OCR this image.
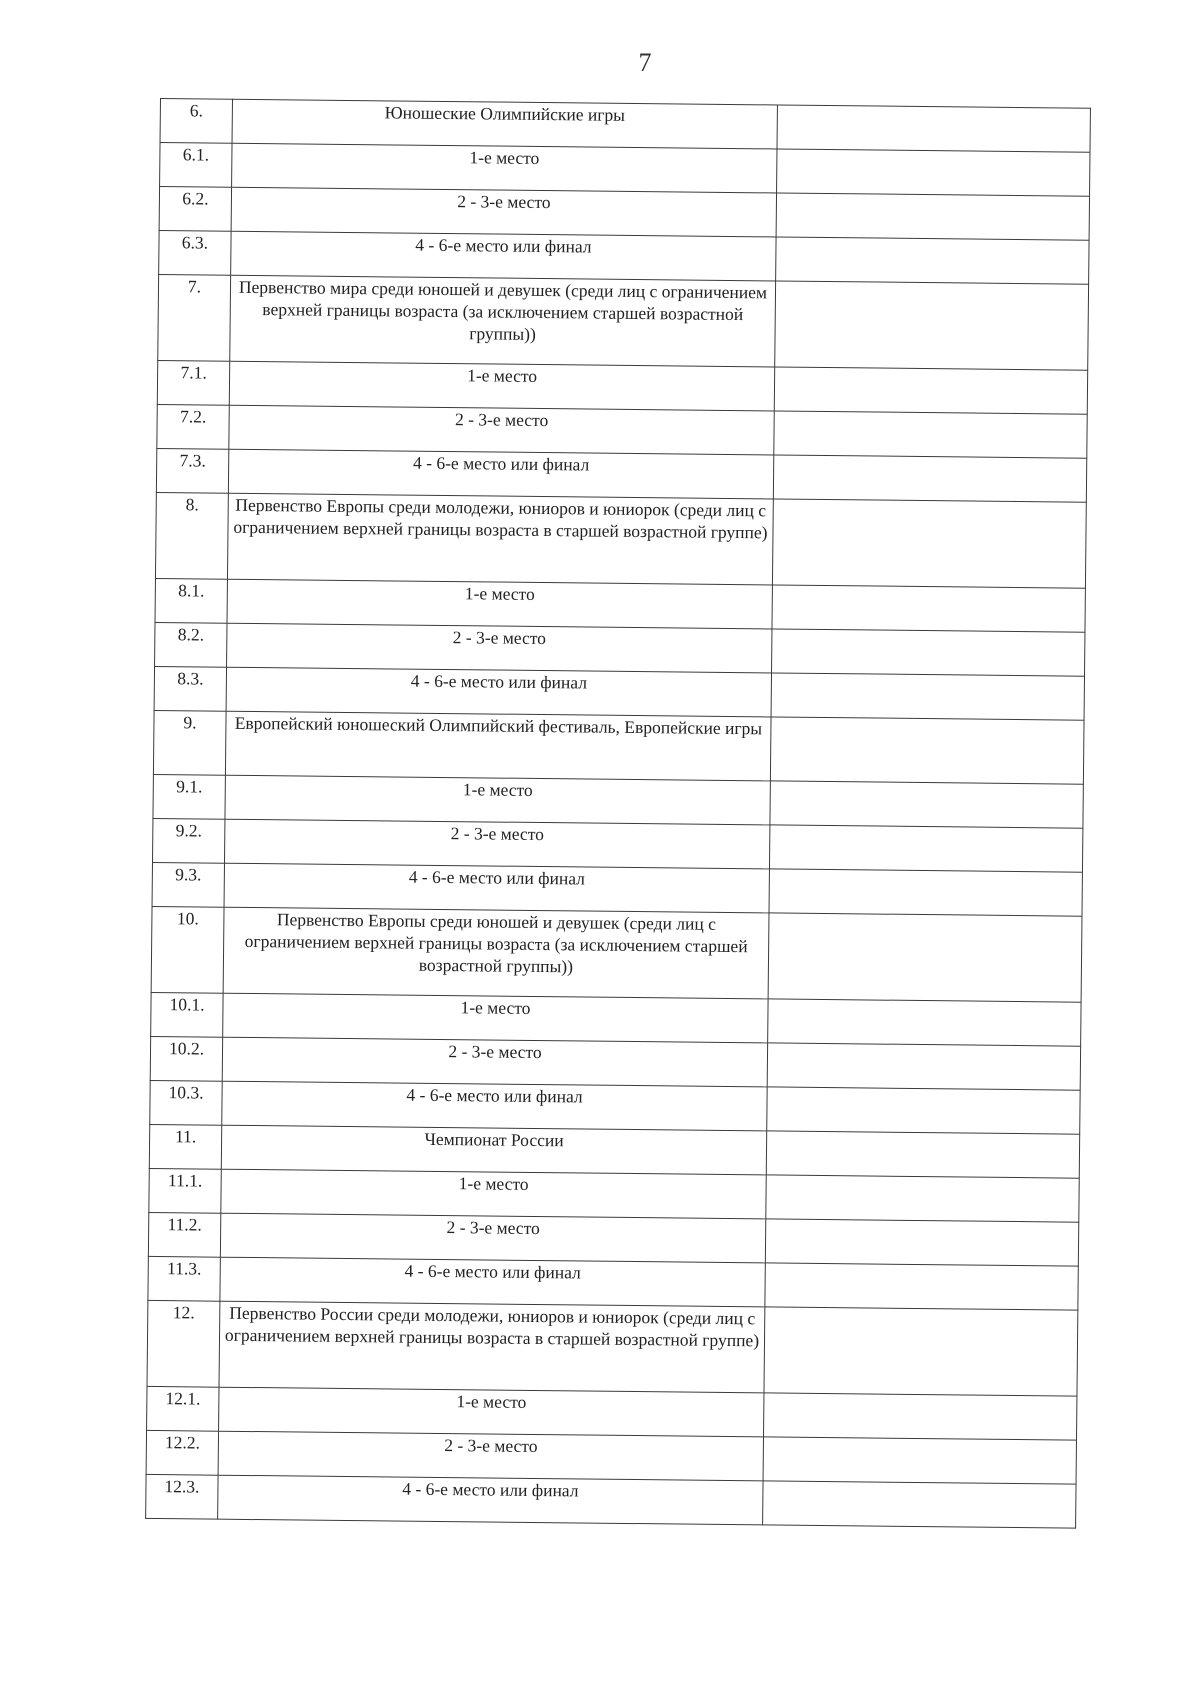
7
6.	Юношеские Олимпийские игры	
6.1.	1-е место	
6.2.	2 - 3-е место	
6.3.	4 - 6-е место или финал	
7.	Первенство мира среди юношей и девушек (среди лиц с ограничением верхней границы возраста (за исключением старшей возрастной группы))	
7.1.	1-е место	
7.2.	2 - 3-е место	
7.3.	4 - 6-е место или финал	
8.	Первенство Европы среди молодежи, юниоров и юниорок (среди лиц с ограничением верхней границы возраста в старшей возрастной группе)	
8.1.	1-е место	
8.2.	2 - 3-е место	
8.3.	4 - 6-е место или финал	
9.	Европейский юношеский Олимпийский фестиваль, Европейские игры	
9.1.	1-е место	
9.2.	2 - 3-е место	
9.3.	4 - 6-е место или финал	
10.	Первенство Европы среди юношей и девушек (среди лиц с ограничением верхней границы возраста (за исключением старшей возрастной группы))	
10.1.	1-е место	
10.2.	2 - 3-е место	
10.3.	4 - 6-е место или финал	
11.	Чемпионат России	
11.1.	1-е место	
11.2.	2 - 3-е место	
11.3.	4 - 6-е место или финал	
12.	Первенство России среди молодежи, юниоров и юниорок (среди лиц с ограничением верхней границы возраста в старшей возрастной группе)	
12.1.	1-е место	
12.2.	2 - 3-е место	
12.3.	4 - 6-е место или финал	
